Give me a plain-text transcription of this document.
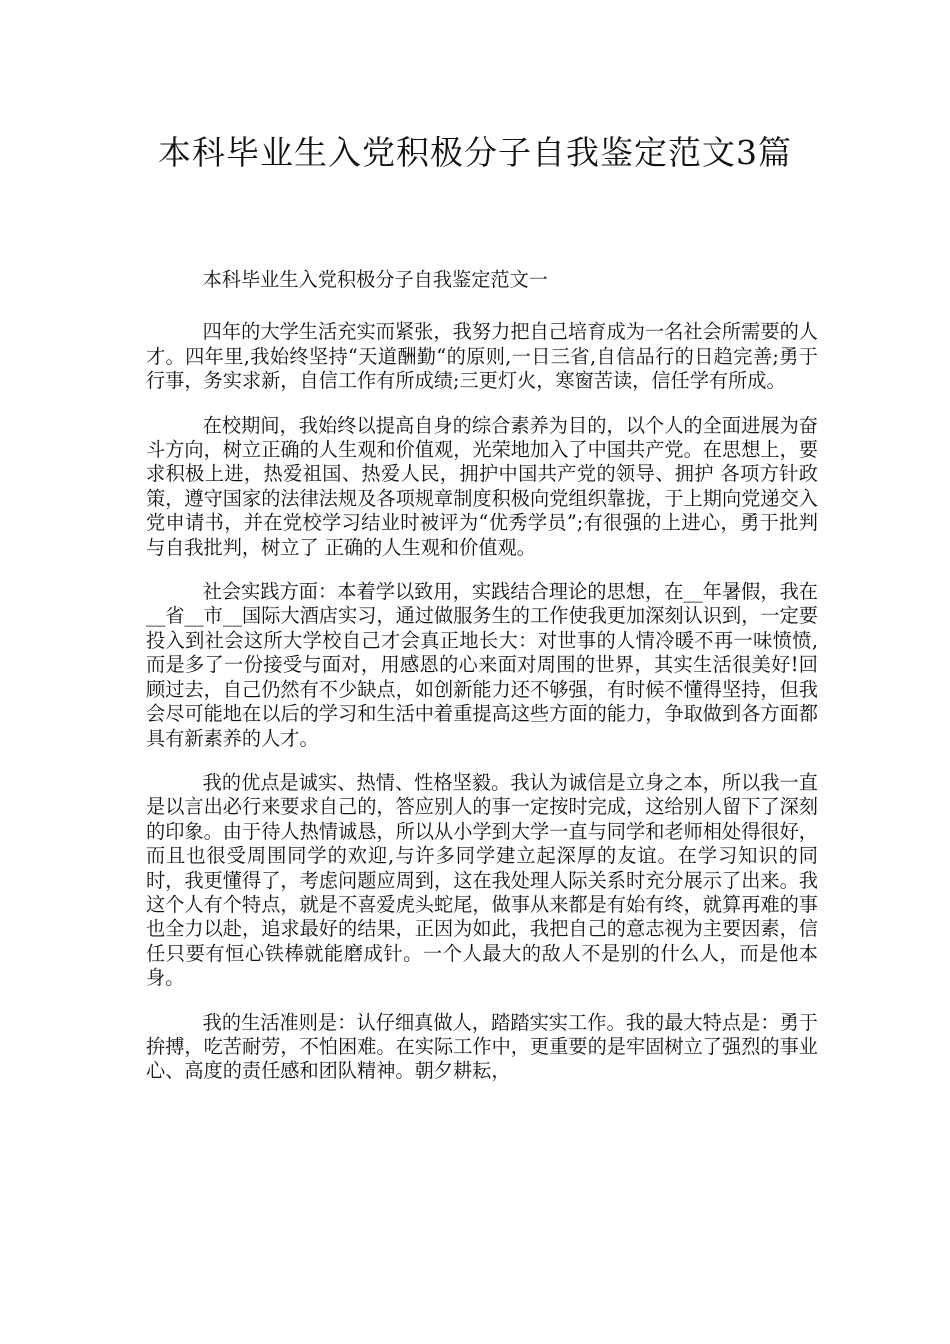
本科毕业生入党积极分子自我鉴定范文3篇

本科毕业生入党积极分子自我鉴定范文一

四年的大学生活充实而紧张，我努力把自己培育成为一名社会所需要的人才。四年里,我始终坚持“天道酬勤“的原则,一日三省,自信品行的日趋完善;勇于行事，务实求新，自信工作有所成绩;三更灯火，寒窗苦读，信任学有所成。

在校期间，我始终以提高自身的综合素养为目的，以个人的全面进展为奋斗方向，树立正确的人生观和价值观，光荣地加入了中国共产党。在思想上，要求积极上进，热爱祖国、热爱人民，拥护中国共产党的领导、拥护 各项方针政策，遵守国家的法律法规及各项规章制度积极向党组织靠拢，于上期向党递交入党申请书，并在党校学习结业时被评为“优秀学员”;有很强的上进心，勇于批判与自我批判，树立了 正确的人生观和价值观。

社会实践方面：本着学以致用，实践结合理论的思想，在__年暑假，我在__省__市__国际大酒店实习，通过做服务生的工作使我更加深刻认识到，一定要投入到社会这所大学校自己才会真正地长大：对世事的人情冷暖不再一味愤愤,而是多了一份接受与面对，用感恩的心来面对周围的世界，其实生活很美好!回顾过去，自己仍然有不少缺点，如创新能力还不够强，有时候不懂得坚持，但我会尽可能地在以后的学习和生活中着重提高这些方面的能力，争取做到各方面都具有新素养的人才。

我的优点是诚实、热情、性格坚毅。我认为诚信是立身之本，所以我一直是以言出必行来要求自己的，答应别人的事一定按时完成，这给别人留下了深刻的印象。由于待人热情诚恳，所以从小学到大学一直与同学和老师相处得很好，而且也很受周围同学的欢迎,与许多同学建立起深厚的友谊。在学习知识的同时，我更懂得了，考虑问题应周到，这在我处理人际关系时充分展示了出来。我这个人有个特点，就是不喜爱虎头蛇尾，做事从来都是有始有终，就算再难的事也全力以赴，追求最好的结果，正因为如此，我把自己的意志视为主要因素，信任只要有恒心铁棒就能磨成针。一个人最大的敌人不是别的什么人，而是他本身。

我的生活准则是：认仔细真做人，踏踏实实工作。我的最大特点是：勇于拚搏，吃苦耐劳，不怕困难。在实际工作中，更重要的是牢固树立了强烈的事业心、高度的责任感和团队精神。朝夕耕耘，
